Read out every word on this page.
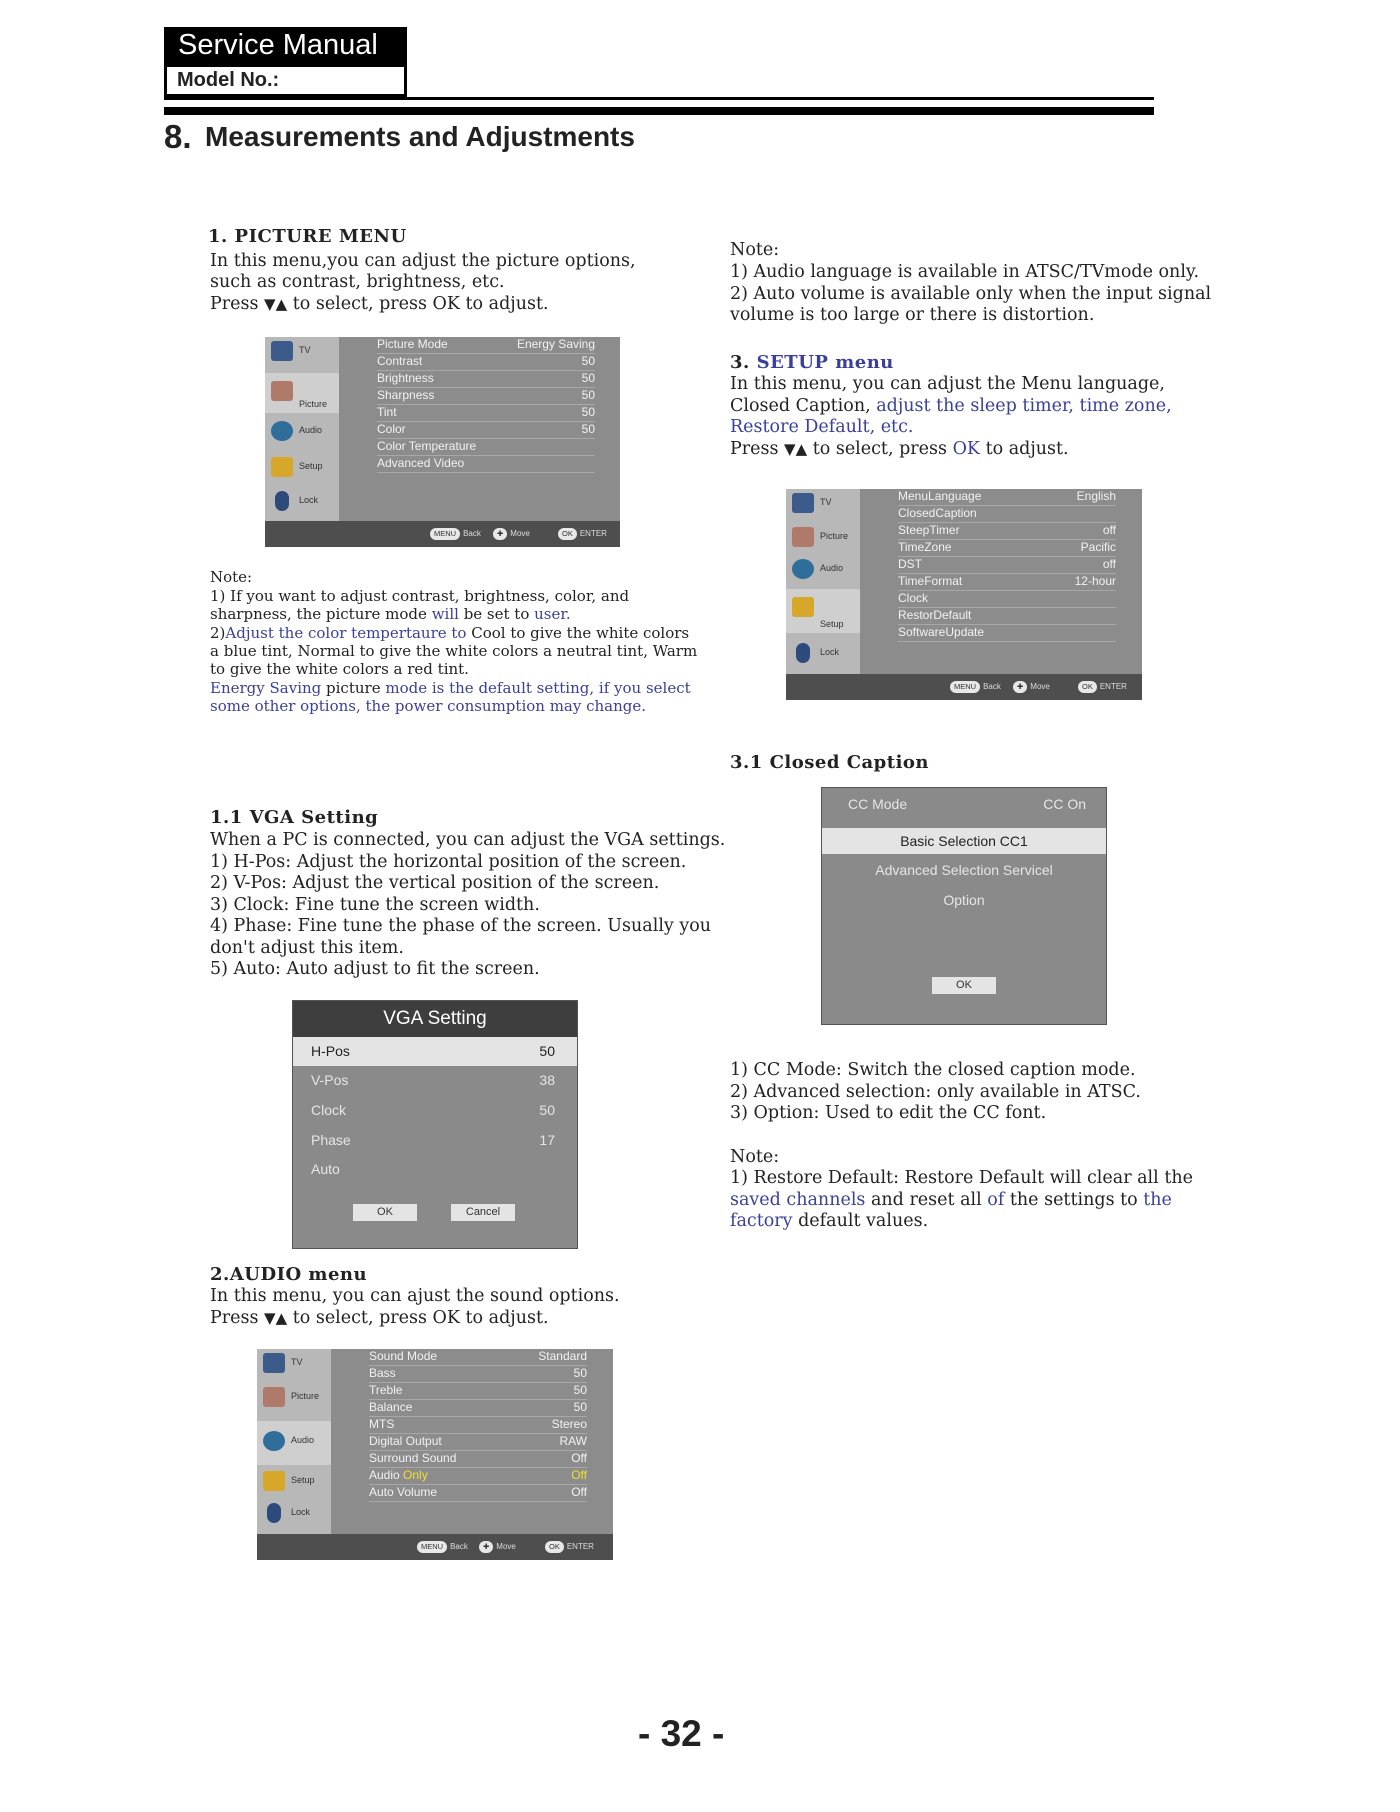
Service Manual
Model No.:
8. Measurements and Adjustments
1. PICTURE MENU
In this menu,you can adjust the picture options,
such as contrast, brightness, etc.
Press ▼▲ to select, press OK to adjust.
TV
Picture
Audio
Setup
Lock
Picture Mode	Energy Saving
Contrast	50
Brightness	50
Sharpness	50
Tint	50
Color	50
Color Temperature
Advanced Video
MENU Back	✚ Move	OK ENTER
Note:
1) If you want to adjust contrast, brightness, color, and
sharpness, the picture mode will be set to user.
2)Adjust the color tempertaure to Cool to give the white colors
a blue tint, Normal to give the white colors a neutral tint, Warm
to give the white colors a red tint.
Energy Saving picture mode is the default setting, if you select
some other options, the power consumption may change.
1.1 VGA Setting
When a PC is connected, you can adjust the VGA settings.
1) H-Pos: Adjust the horizontal position of the screen.
2) V-Pos: Adjust the vertical position of the screen.
3) Clock: Fine tune the screen width.
4) Phase: Fine tune the phase of the screen. Usually you
don't adjust this item.
5) Auto: Auto adjust to fit the screen.
VGA Setting
H-Pos	50
V-Pos	38
Clock	50
Phase	17
Auto
OK	Cancel
2.AUDIO menu
In this menu, you can ajust the sound options.
Press ▼▲ to select, press OK to adjust.
TV
Picture
Audio
Setup
Lock
Sound Mode	Standard
Bass	50
Treble	50
Balance	50
MTS	Stereo
Digital Output	RAW
Surround Sound	Off
Audio Only	Off
Auto Volume	Off
MENU Back	✚ Move	OK ENTER
Note:
1) Audio language is available in ATSC/TVmode only.
2) Auto volume is available only when the input signal
volume is too large or there is distortion.
3. SETUP menu
In this menu, you can adjust the Menu language,
Closed Caption, adjust the sleep timer, time zone,
Restore Default, etc.
Press ▼▲ to select, press OK to adjust.
TV
Picture
Audio
Setup
Lock
MenuLanguage	English
ClosedCaption
SteepTimer	off
TimeZone	Pacific
DST	off
TimeFormat	12-hour
Clock
RestorDefault
SoftwareUpdate
MENU Back	✚ Move	OK ENTER
3.1 Closed Caption
CC Mode	CC On
Basic Selection CC1
Advanced Selection Servicel
Option
OK
1) CC Mode: Switch the closed caption mode.
2) Advanced selection: only available in ATSC.
3) Option: Used to edit the CC font.
Note:
1) Restore Default: Restore Default will clear all the
saved channels and reset all of the settings to the
factory default values.
- 32 -
